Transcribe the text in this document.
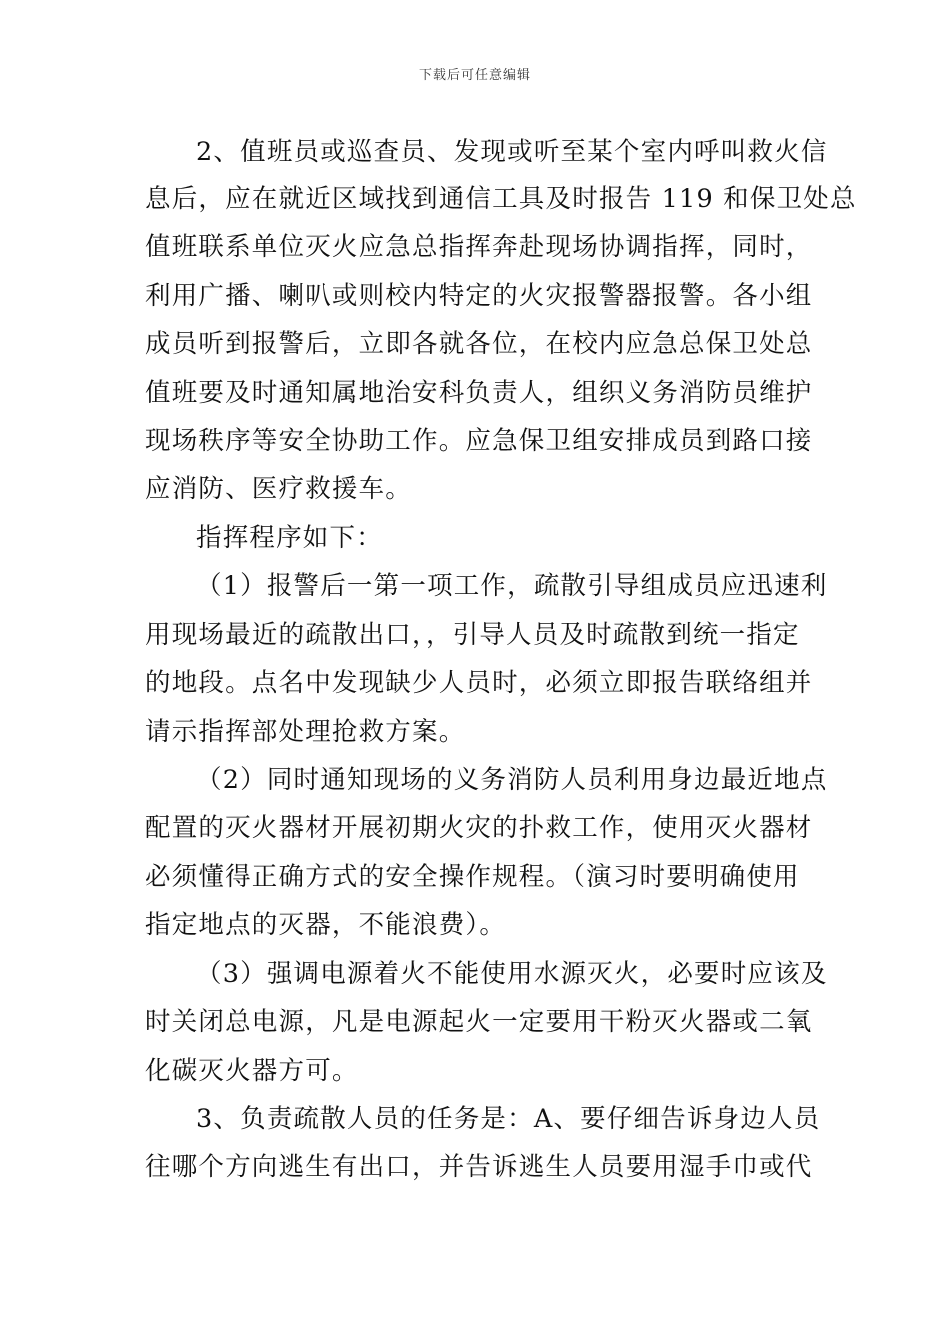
下载后可任意编辑
2、值班员或巡查员、发现或听至某个室内呼叫救火信
息后，应在就近区域找到通信工具及时报告 119 和保卫处总
值班联系单位灭火应急总指挥奔赴现场协调指挥，同时，
利用广播、喇叭或则校内特定的火灾报警器报警。各小组
成员听到报警后，立即各就各位，在校内应急总保卫处总
值班要及时通知属地治安科负责人，组织义务消防员维护
现场秩序等安全协助工作。应急保卫组安排成员到路口接
应消防、医疗救援车。
指挥程序如下：
（1）报警后一第一项工作，疏散引导组成员应迅速利
用现场最近的疏散出口，，引导人员及时疏散到统一指定
的地段。点名中发现缺少人员时，必须立即报告联络组并
请示指挥部处理抢救方案。
（2）同时通知现场的义务消防人员利用身边最近地点
配置的灭火器材开展初期火灾的扑救工作，使用灭火器材
必须懂得正确方式的安全操作规程。（演习时要明确使用
指定地点的灭器，不能浪费）。
（3）强调电源着火不能使用水源灭火，必要时应该及
时关闭总电源，凡是电源起火一定要用干粉灭火器或二氧
化碳灭火器方可。
3、负责疏散人员的任务是：A、要仔细告诉身边人员
往哪个方向逃生有出口，并告诉逃生人员要用湿手巾或代
